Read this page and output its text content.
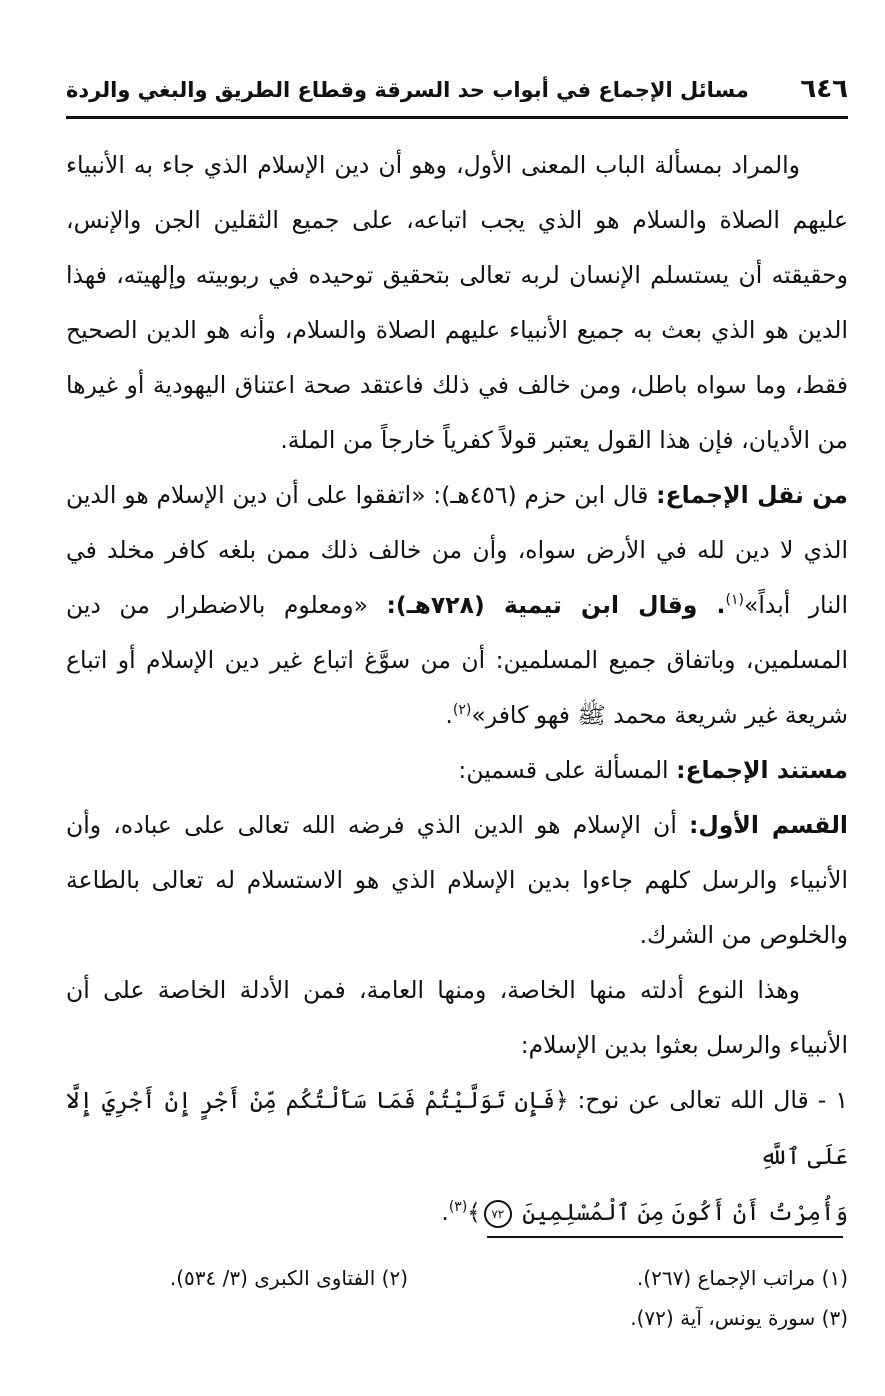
٦٤٦
مسائل الإجماع في أبواب حد السرقة وقطاع الطريق والبغي والردة

والمراد بمسألة الباب المعنى الأول، وهو أن دين الإسلام الذي جاء به الأنبياء عليهم الصلاة والسلام هو الذي يجب اتباعه، على جميع الثقلين الجن والإنس، وحقيقته أن يستسلم الإنسان لربه تعالى بتحقيق توحيده في ربوبيته وإلهيته، فهذا الدين هو الذي بعث به جميع الأنبياء عليهم الصلاة والسلام، وأنه هو الدين الصحيح فقط، وما سواه باطل، ومن خالف في ذلك فاعتقد صحة اعتناق اليهودية أو غيرها من الأديان، فإن هذا القول يعتبر قولاً كفرياً خارجاً من الملة.

من نقل الإجماع: قال ابن حزم (٤٥٦هـ): «اتفقوا على أن دين الإسلام هو الدين الذي لا دين لله في الأرض سواه، وأن من خالف ذلك ممن بلغه كافر مخلد في النار أبداً»$^{(١)}$. وقال ابن تيمية (٧٢٨هـ): «ومعلوم بالاضطرار من دين المسلمين، وباتفاق جميع المسلمين: أن من سوَّغ اتباع غير دين الإسلام أو اتباع شريعة غير شريعة محمد ﷺ فهو كافر»$^{(٢)}$.

مستند الإجماع: المسألة على قسمين:

القسم الأول: أن الإسلام هو الدين الذي فرضه الله تعالى على عباده، وأن الأنبياء والرسل كلهم جاءوا بدين الإسلام الذي هو الاستسلام له تعالى بالطاعة والخلوص من الشرك.

وهذا النوع أدلته منها الخاصة، ومنها العامة، فمن الأدلة الخاصة على أن الأنبياء والرسل بعثوا بدين الإسلام:

١ - قال الله تعالى عن نوح: ﴿فَإِن تَوَلَّيْتُمْ فَمَا سَأَلْتُكُم مِّنْ أَجْرٍ إِنْ أَجْرِيَ إِلَّا عَلَى ٱللَّهِ
وَأُمِرْتُ أَنْ أَكُونَ مِنَ ٱلْمُسْلِمِينَ ٧٢﴾$^{(٣)}$.

(١) مراتب الإجماع (٢٦٧).
(٢) الفتاوى الكبرى (٣/ ٥٣٤).
(٣) سورة يونس، آية (٧٢).
